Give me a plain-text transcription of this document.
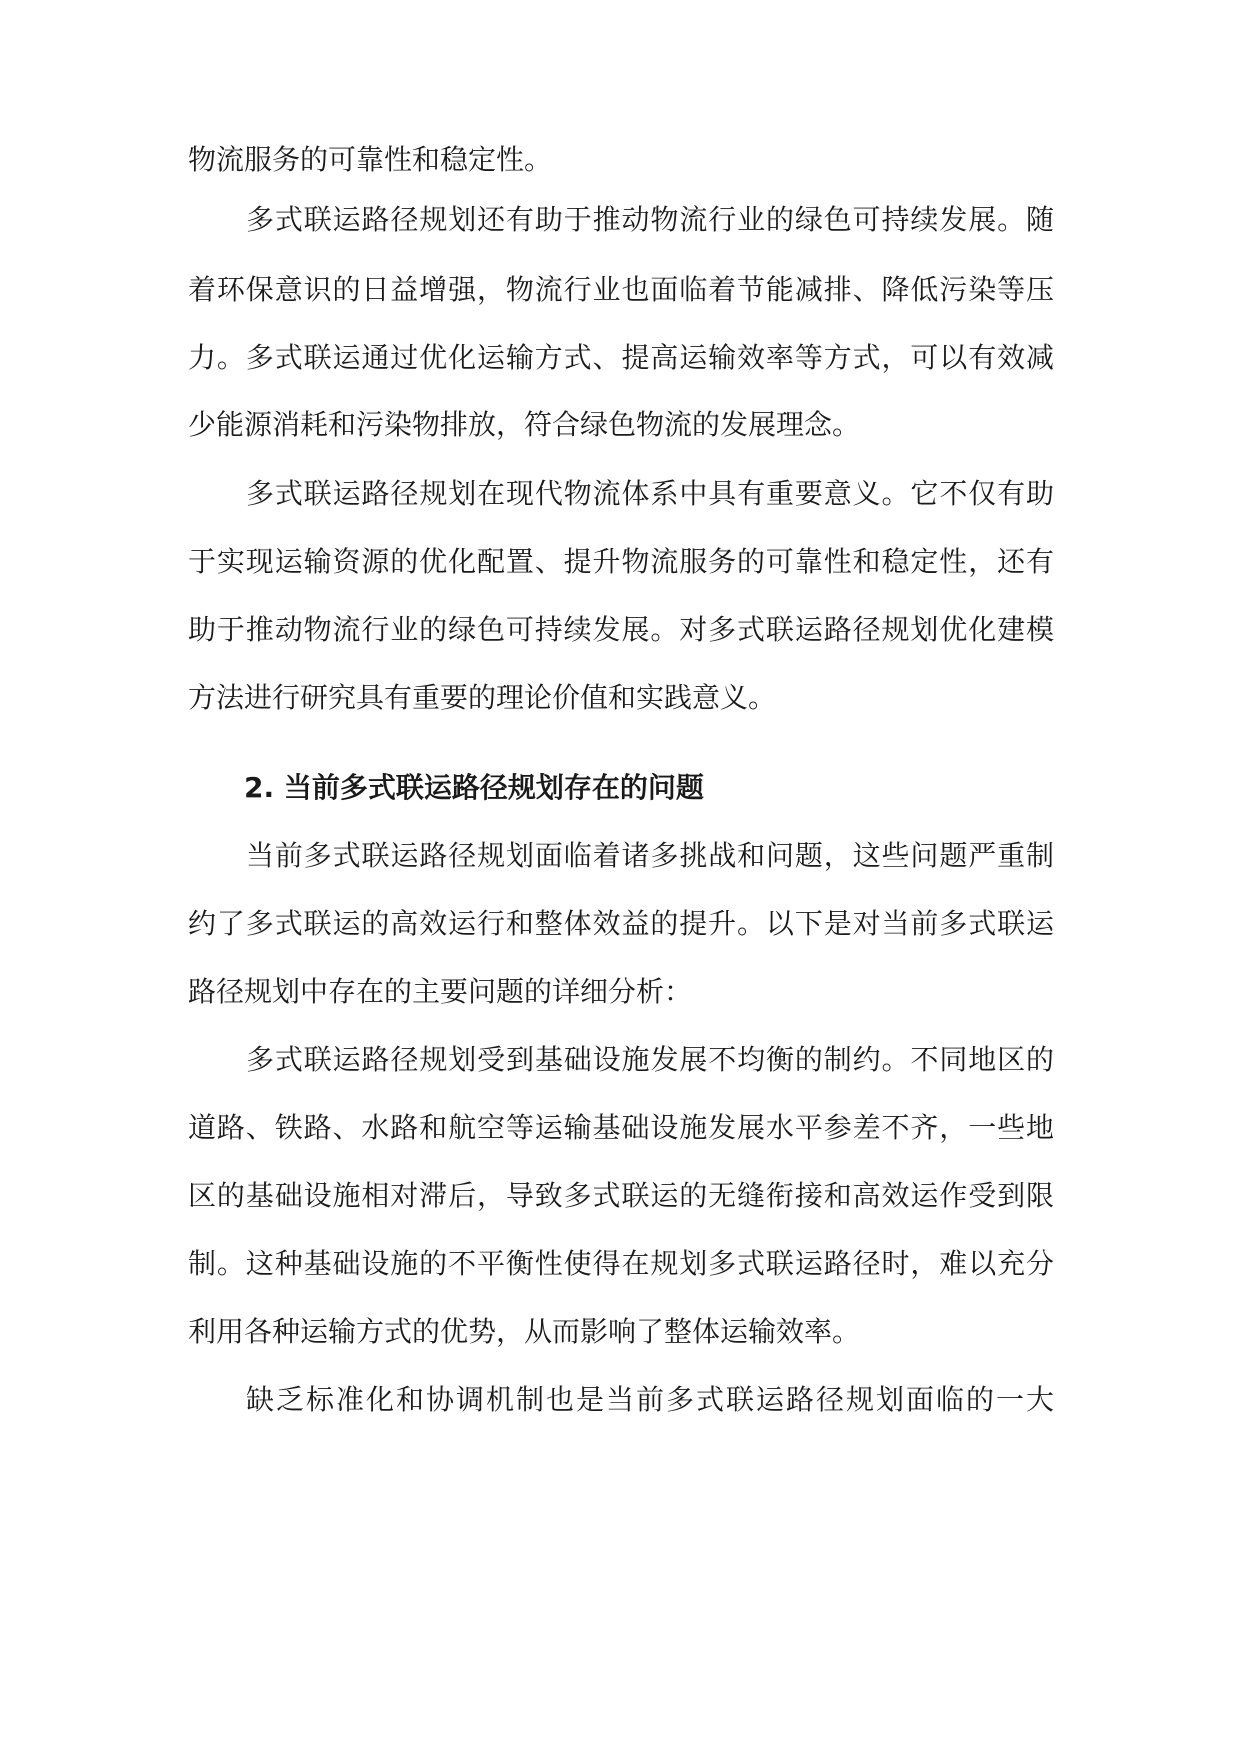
物流服务的可靠性和稳定性。
多式联运路径规划还有助于推动物流行业的绿色可持续发展。随
着环保意识的日益增强，物流行业也面临着节能减排、降低污染等压
力。多式联运通过优化运输方式、提高运输效率等方式，可以有效减
少能源消耗和污染物排放，符合绿色物流的发展理念。
多式联运路径规划在现代物流体系中具有重要意义。它不仅有助
于实现运输资源的优化配置、提升物流服务的可靠性和稳定性，还有
助于推动物流行业的绿色可持续发展。对多式联运路径规划优化建模
方法进行研究具有重要的理论价值和实践意义。
2. 当前多式联运路径规划存在的问题
当前多式联运路径规划面临着诸多挑战和问题，这些问题严重制
约了多式联运的高效运行和整体效益的提升。以下是对当前多式联运
路径规划中存在的主要问题的详细分析：
多式联运路径规划受到基础设施发展不均衡的制约。不同地区的
道路、铁路、水路和航空等运输基础设施发展水平参差不齐，一些地
区的基础设施相对滞后，导致多式联运的无缝衔接和高效运作受到限
制。这种基础设施的不平衡性使得在规划多式联运路径时，难以充分
利用各种运输方式的优势，从而影响了整体运输效率。
缺乏标准化和协调机制也是当前多式联运路径规划面临的一大
